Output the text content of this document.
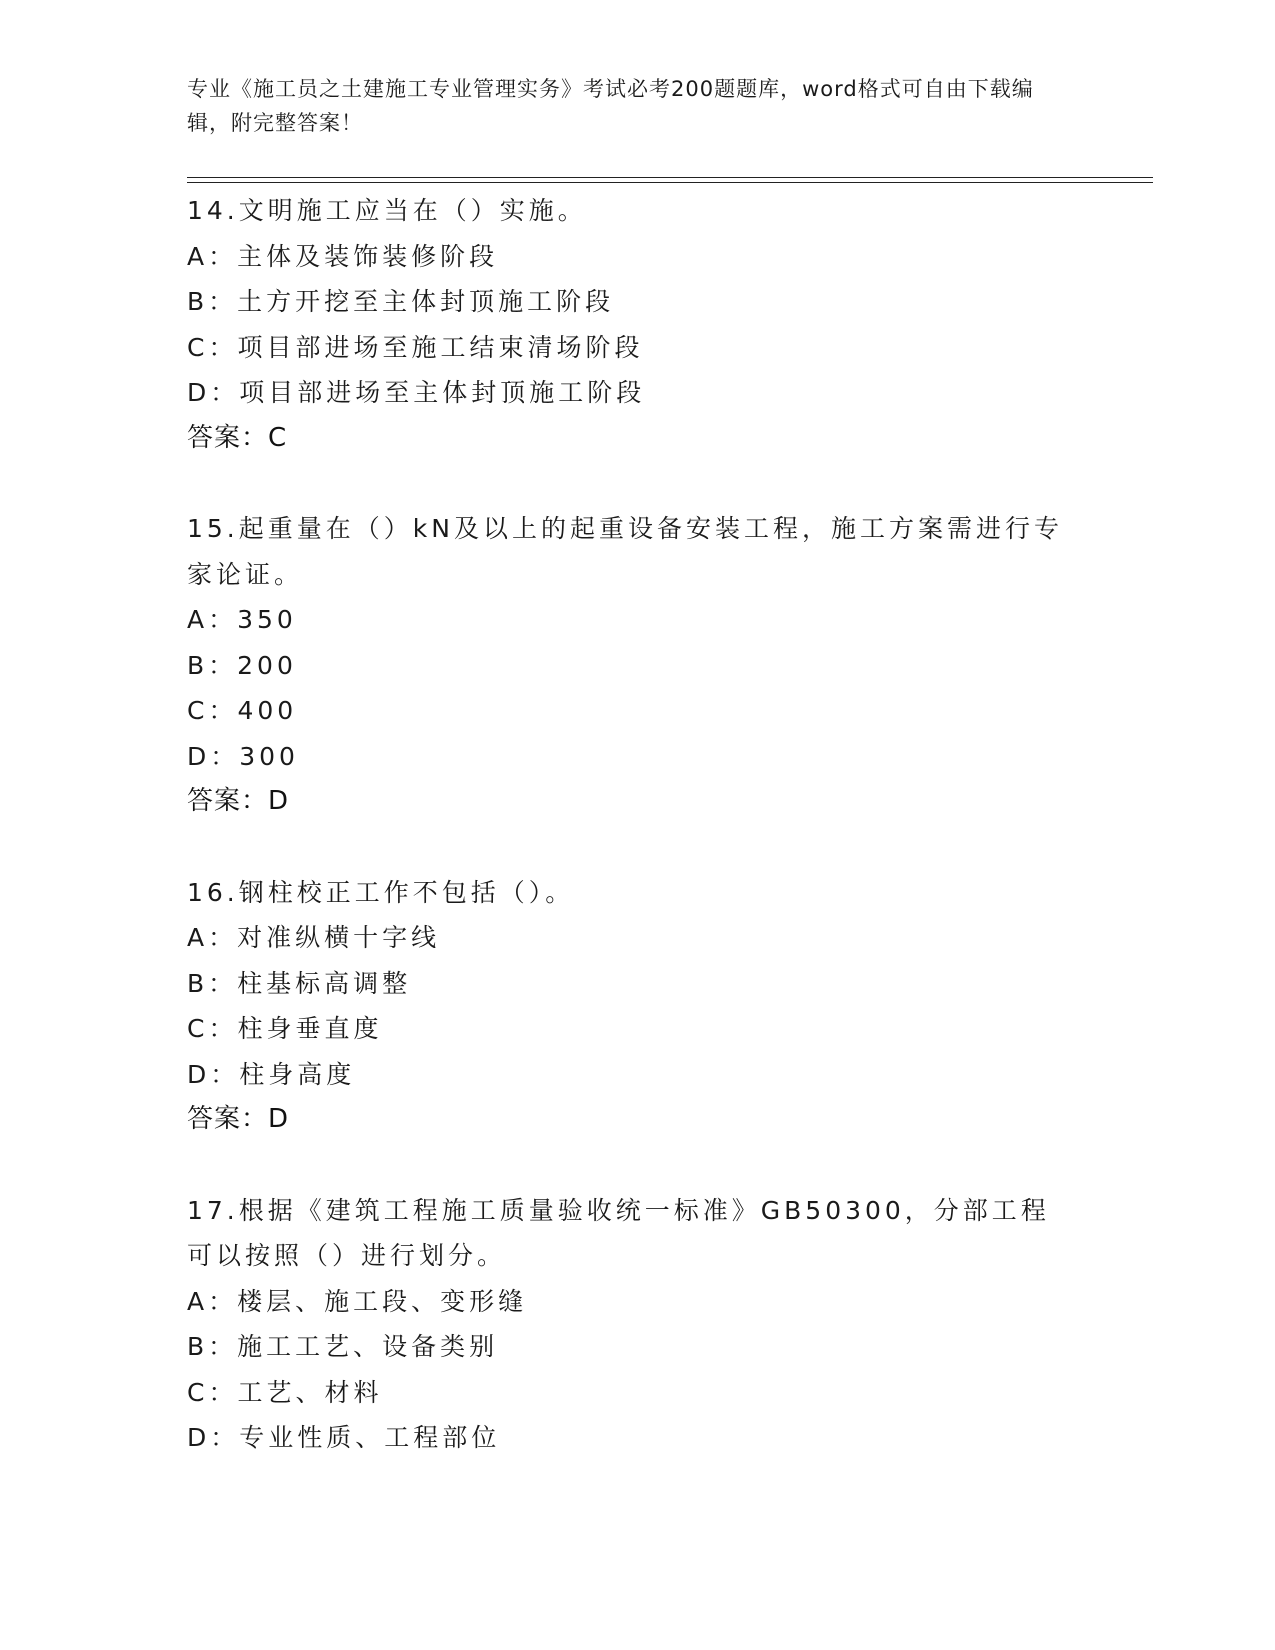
专业《施工员之土建施工专业管理实务》考试必考200题题库，word格式可自由下载编辑，附完整答案！
14.文明施工应当在（）实施。
A：主体及装饰装修阶段
B：土方开挖至主体封顶施工阶段
C：项目部进场至施工结束清场阶段
D：项目部进场至主体封顶施工阶段
答案：C
15.起重量在（）kN及以上的起重设备安装工程，施工方案需进行专家论证。
A：350
B：200
C：400
D：300
答案：D
16.钢柱校正工作不包括（）。
A：对准纵横十字线
B：柱基标高调整
C：柱身垂直度
D：柱身高度
答案：D
17.根据《建筑工程施工质量验收统一标准》GB50300，分部工程可以按照（）进行划分。
A：楼层、施工段、变形缝
B：施工工艺、设备类别
C：工艺、材料
D：专业性质、工程部位
